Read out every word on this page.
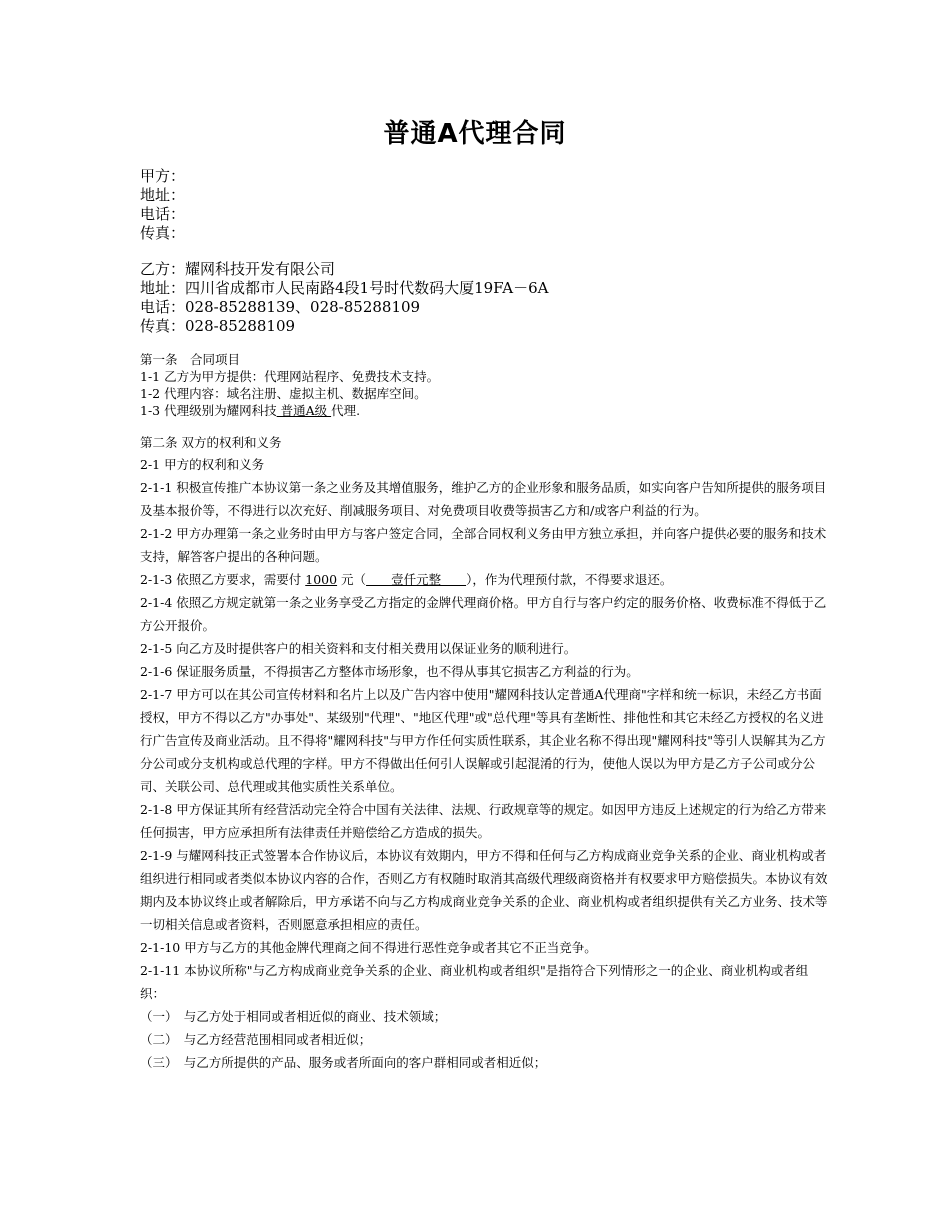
普通A代理合同

甲方：

地址：

电话：

传真：

乙方：耀网科技开发有限公司

地址：四川省成都市人民南路4段1号时代数码大厦19FA－6A

电话：028-85288139、028-85288109

传真：028-85288109

第一条　合同项目

1-1 乙方为甲方提供：代理网站程序、免费技术支持。

1-2 代理内容：域名注册、虚拟主机、数据库空间。

1-3 代理级别为耀网科技 普通A级 代理.

第二条 双方的权利和义务

2-1 甲方的权利和义务

2-1-1 积极宣传推广本协议第一条之业务及其增值服务，维护乙方的企业形象和服务品质，如实向客户告知所提供的服务项目及基本报价等，不得进行以次充好、削减服务项目、对免费项目收费等损害乙方和/或客户利益的行为。

2-1-2 甲方办理第一条之业务时由甲方与客户签定合同，全部合同权利义务由甲方独立承担，并向客户提供必要的服务和技术支持，解答客户提出的各种问题。

2-1-3 依照乙方要求，需要付 1000 元（　　壹仟元整　　），作为代理预付款，不得要求退还。

2-1-4 依照乙方规定就第一条之业务享受乙方指定的金牌代理商价格。甲方自行与客户约定的服务价格、收费标准不得低于乙方公开报价。

2-1-5 向乙方及时提供客户的相关资料和支付相关费用以保证业务的顺利进行。

2-1-6 保证服务质量，不得损害乙方整体市场形象，也不得从事其它损害乙方利益的行为。

2-1-7 甲方可以在其公司宣传材料和名片上以及广告内容中使用"耀网科技认定普通A代理商"字样和统一标识，未经乙方书面授权，甲方不得以乙方"办事处"、某级别"代理"、"地区代理"或"总代理"等具有垄断性、排他性和其它未经乙方授权的名义进行广告宣传及商业活动。且不得将"耀网科技"与甲方作任何实质性联系，其企业名称不得出现"耀网科技"等引人误解其为乙方分公司或分支机构或总代理的字样。甲方不得做出任何引人误解或引起混淆的行为，使他人误以为甲方是乙方子公司或分公司、关联公司、总代理或其他实质性关系单位。

2-1-8 甲方保证其所有经营活动完全符合中国有关法律、法规、行政规章等的规定。如因甲方违反上述规定的行为给乙方带来任何损害，甲方应承担所有法律责任并赔偿给乙方造成的损失。

2-1-9 与耀网科技正式签署本合作协议后，本协议有效期内，甲方不得和任何与乙方构成商业竞争关系的企业、商业机构或者组织进行相同或者类似本协议内容的合作，否则乙方有权随时取消其高级代理级商资格并有权要求甲方赔偿损失。本协议有效期内及本协议终止或者解除后，甲方承诺不向与乙方构成商业竞争关系的企业、商业机构或者组织提供有关乙方业务、技术等一切相关信息或者资料，否则愿意承担相应的责任。

2-1-10 甲方与乙方的其他金牌代理商之间不得进行恶性竞争或者其它不正当竞争。

2-1-11 本协议所称"与乙方构成商业竞争关系的企业、商业机构或者组织"是指符合下列情形之一的企业、商业机构或者组织：

（一）　与乙方处于相同或者相近似的商业、技术领域；

（二）　与乙方经营范围相同或者相近似；

（三）　与乙方所提供的产品、服务或者所面向的客户群相同或者相近似；
